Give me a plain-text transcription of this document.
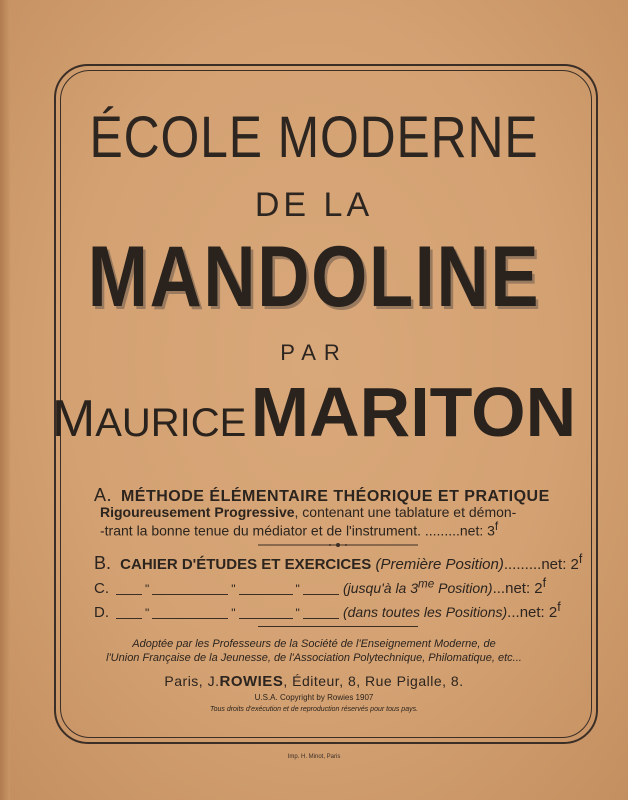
ÉCOLE MODERNE
DE LA
MANDOLINE
PAR
MAURICE MARITON
A. MÉTHODE ÉLÉMENTAIRE THÉORIQUE ET PRATIQUE
Rigoureusement Progressive, contenant une tablature et démon-
-trant la bonne tenue du médiator et de l'instrument. .........net: 3$^f$
B. CAHIER D'ÉTUDES ET EXERCICES (Première Position).........net: 2$^f$
C.	"	"	"	(jusqu'à la $3^{me}$ Position)...net: 2$^f$
D.	"	"	"	(dans toutes les Positions)...net: 2$^f$
Adoptée par les Professeurs de la Société de l'Enseignement Moderne, de
l'Union Française de la Jeunesse, de l'Association Polytechnique, Philomatique, etc...
Paris, J.ROWIES, Éditeur, 8, Rue Pigalle, 8.
U.S.A. Copyright by Rowies 1907
Tous droits d'exécution et de reproduction réservés pour tous pays.
Imp. H. Minot, Paris
